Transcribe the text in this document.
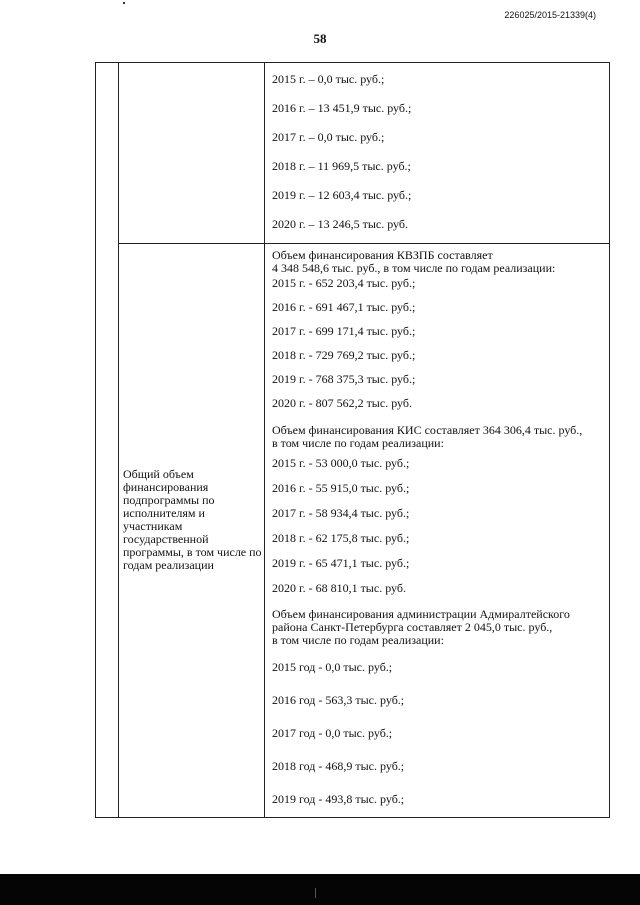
226025/2015-21339(4)
58
2015 г. – 0,0 тыс. руб.;
2016 г. – 13 451,9 тыс. руб.;
2017 г. – 0,0 тыс. руб.;
2018 г. – 11 969,5 тыс. руб.;
2019 г. – 12 603,4 тыс. руб.;
2020 г. – 13 246,5 тыс. руб.
Общий объем финансирования подпрограммы по исполнителям и участникам государственной программы, в том числе по годам реализации
Объем финансирования КВЗПБ составляет
4 348 548,6 тыс. руб., в том числе по годам реализации:
2015 г. - 652 203,4 тыс. руб.;
2016 г. - 691 467,1 тыс. руб.;
2017 г. - 699 171,4 тыс. руб.;
2018 г. - 729 769,2 тыс. руб.;
2019 г. - 768 375,3 тыс. руб.;
2020 г. - 807 562,2 тыс. руб.
Объем финансирования КИС составляет 364 306,4 тыс. руб.,
в том числе по годам реализации:
2015 г. - 53 000,0 тыс. руб.;
2016 г. - 55 915,0 тыс. руб.;
2017 г. - 58 934,4 тыс. руб.;
2018 г. - 62 175,8 тыс. руб.;
2019 г. - 65 471,1 тыс. руб.;
2020 г. - 68 810,1 тыс. руб.
Объем финансирования администрации Адмиралтейского
района Санкт-Петербурга составляет 2 045,0 тыс. руб.,
в том числе по годам реализации:
2015 год - 0,0 тыс. руб.;
2016 год - 563,3 тыс. руб.;
2017 год - 0,0 тыс. руб.;
2018 год - 468,9 тыс. руб.;
2019 год - 493,8 тыс. руб.;
